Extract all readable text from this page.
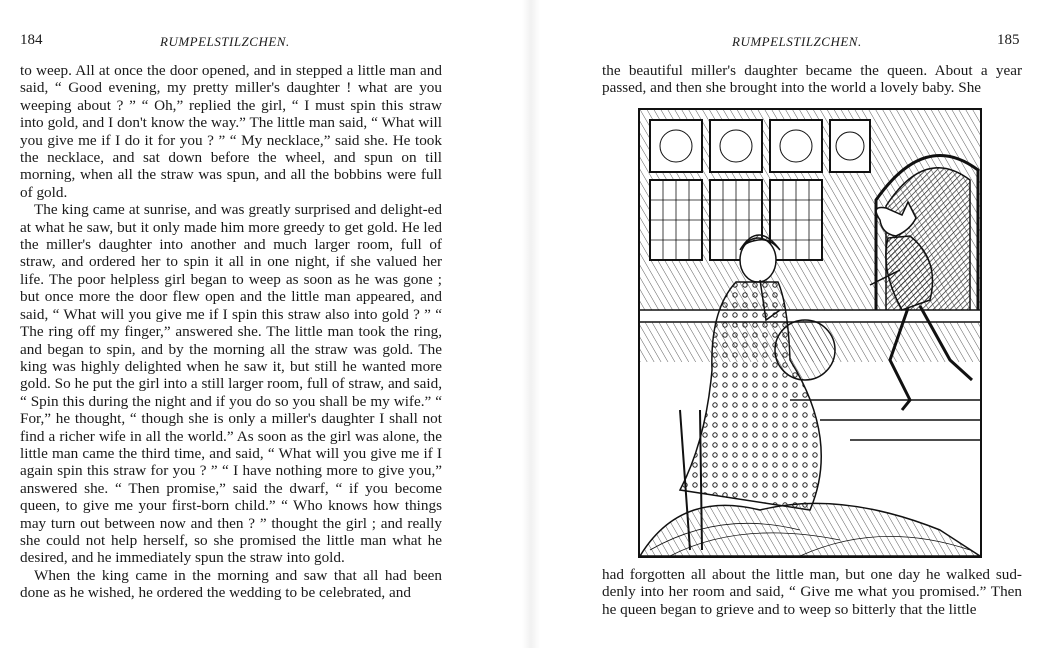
184	RUMPELSTILZCHEN.

to weep. All at once the door opened, and in stepped a little man and said, “ Good evening, my pretty miller's daughter ! what are you weeping about ? ” “ Oh,” replied the girl, “ I must spin this straw into gold, and I don't know the way.” The little man said, “ What will you give me if I do it for you ? ” “ My necklace,” said she. He took the necklace, and sat down before the wheel, and spun on till morning, when all the straw was spun, and all the bobbins were full of gold.

The king came at sunrise, and was greatly surprised and delight-ed at what he saw, but it only made him more greedy to get gold. He led the miller's daughter into another and much larger room, full of straw, and ordered her to spin it all in one night, if she valued her life. The poor helpless girl began to weep as soon as he was gone ; but once more the door flew open and the little man appeared, and said, “ What will you give me if I spin this straw also into gold ? ” “ The ring off my finger,” answered she. The little man took the ring, and began to spin, and by the morning all the straw was gold. The king was highly delighted when he saw it, but still he wanted more gold. So he put the girl into a still larger room, full of straw, and said, “ Spin this during the night and if you do so you shall be my wife.” “ For,” he thought, “ though she is only a miller's daughter I shall not find a richer wife in all the world.” As soon as the girl was alone, the little man came the third time, and said, “ What will you give me if I again spin this straw for you ? ” “ I have nothing more to give you,” answered she. “ Then promise,” said the dwarf, “ if you become queen, to give me your first-born child.” “ Who knows how things may turn out between now and then ? ” thought the girl ; and really she could not help herself, so she promised the little man what he desired, and he immediately spun the straw into gold.

When the king came in the morning and saw that all had been done as he wished, he ordered the wedding to be celebrated, and

RUMPELSTILZCHEN.	185

the beautiful miller's daughter became the queen. About a year passed, and then she brought into the world a lovely baby. She

had forgotten all about the little man, but one day he walked sud-denly into her room and said, “ Give me what you promised.” Then he queen began to grieve and to weep so bitterly that the little
